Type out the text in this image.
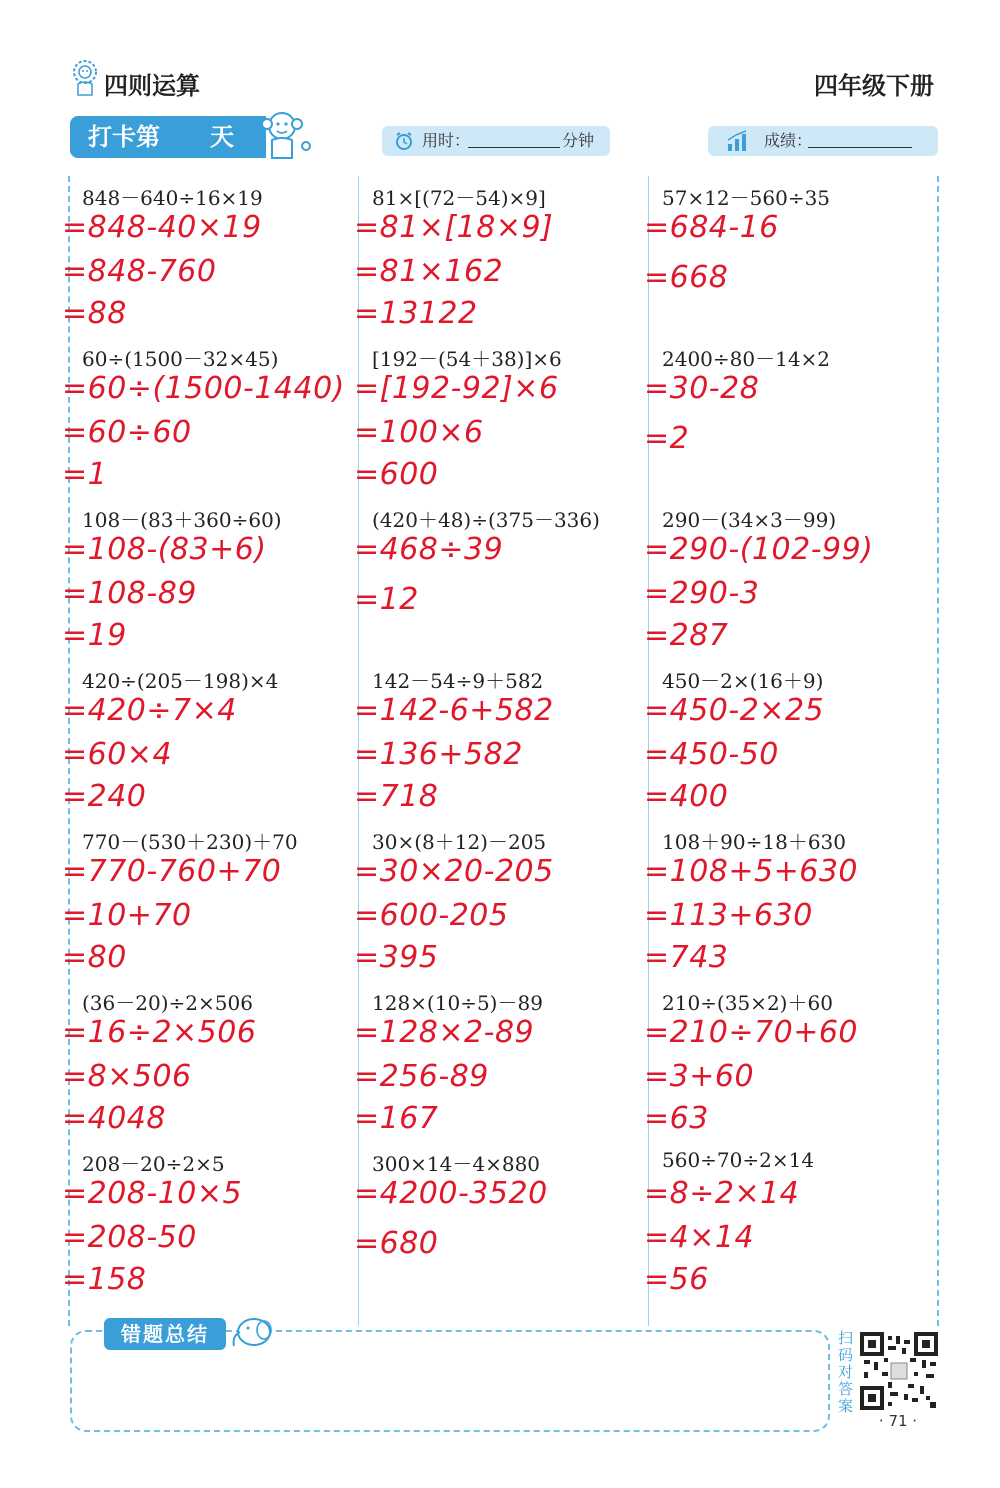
四则运算	四年级下册
打卡第 天	用时：	分钟	成绩：
848－640÷16×19
=848-40×19
=848-760
=88
81×[(72－54)×9]
=81×[18×9]
=81×162
=13122
57×12－560÷35
=684-16
=668
60÷(1500－32×45)
=60÷(1500-1440)
=60÷60
=1
[192－(54＋38)]×6
=[192-92]×6
=100×6
=600
2400÷80－14×2
=30-28
=2
108－(83＋360÷60)
=108-(83+6)
=108-89
=19
(420＋48)÷(375－336)
=468÷39
=12
290－(34×3－99)
=290-(102-99)
=290-3
=287
420÷(205－198)×4
=420÷7×4
=60×4
=240
142－54÷9＋582
=142-6+582
=136+582
=718
450－2×(16＋9)
=450-2×25
=450-50
=400
770－(530＋230)＋70
=770-760+70
=10+70
=80
30×(8＋12)－205
=30×20-205
=600-205
=395
108＋90÷18＋630
=108+5+630
=113+630
=743
(36－20)÷2×506
=16÷2×506
=8×506
=4048
128×(10÷5)－89
=128×2-89
=256-89
=167
210÷(35×2)＋60
=210÷70+60
=3+60
=63
208－20÷2×5
=208-10×5
=208-50
=158
300×14－4×880
=4200-3520
=680
560÷70÷2×14
=8÷2×14
=4×14
=56
错题总结	扫码对答案
· 71 ·
